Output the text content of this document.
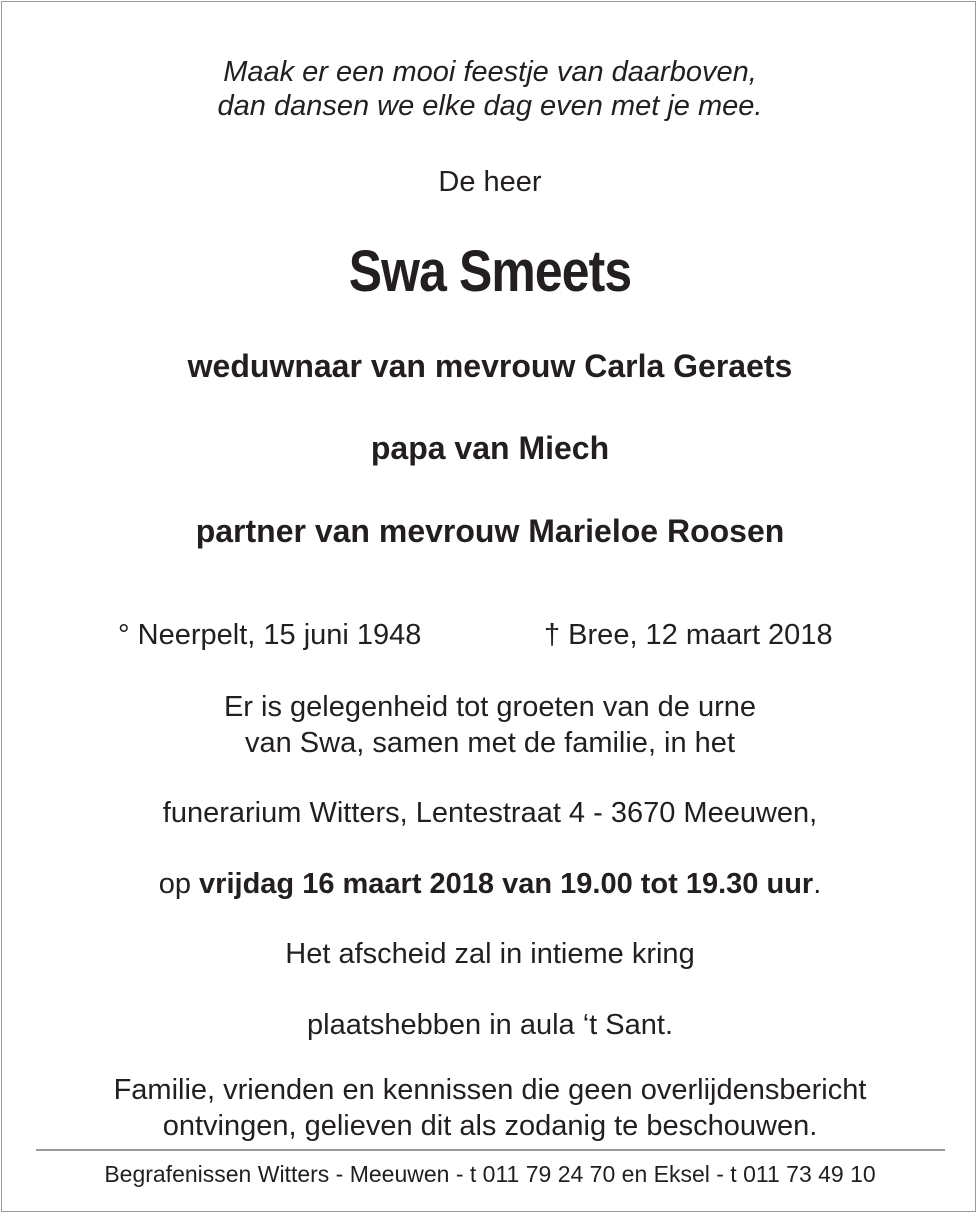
Maak er een mooi feestje van daarboven,
dan dansen we elke dag even met je mee.
De heer
Swa Smeets
weduwnaar van mevrouw Carla Geraets
papa van Miech
partner van mevrouw Marieloe Roosen
° Neerpelt, 15 juni 1948	† Bree, 12 maart 2018
Er is gelegenheid tot groeten van de urne
van Swa, samen met de familie, in het
funerarium Witters, Lentestraat 4 - 3670 Meeuwen,
op vrijdag 16 maart 2018 van 19.00 tot 19.30 uur.
Het afscheid zal in intieme kring
plaatshebben in aula ‘t Sant.
Familie, vrienden en kennissen die geen overlijdensbericht
ontvingen, gelieven dit als zodanig te beschouwen.
Begrafenissen Witters - Meeuwen - t 011 79 24 70 en Eksel - t 011 73 49 10
